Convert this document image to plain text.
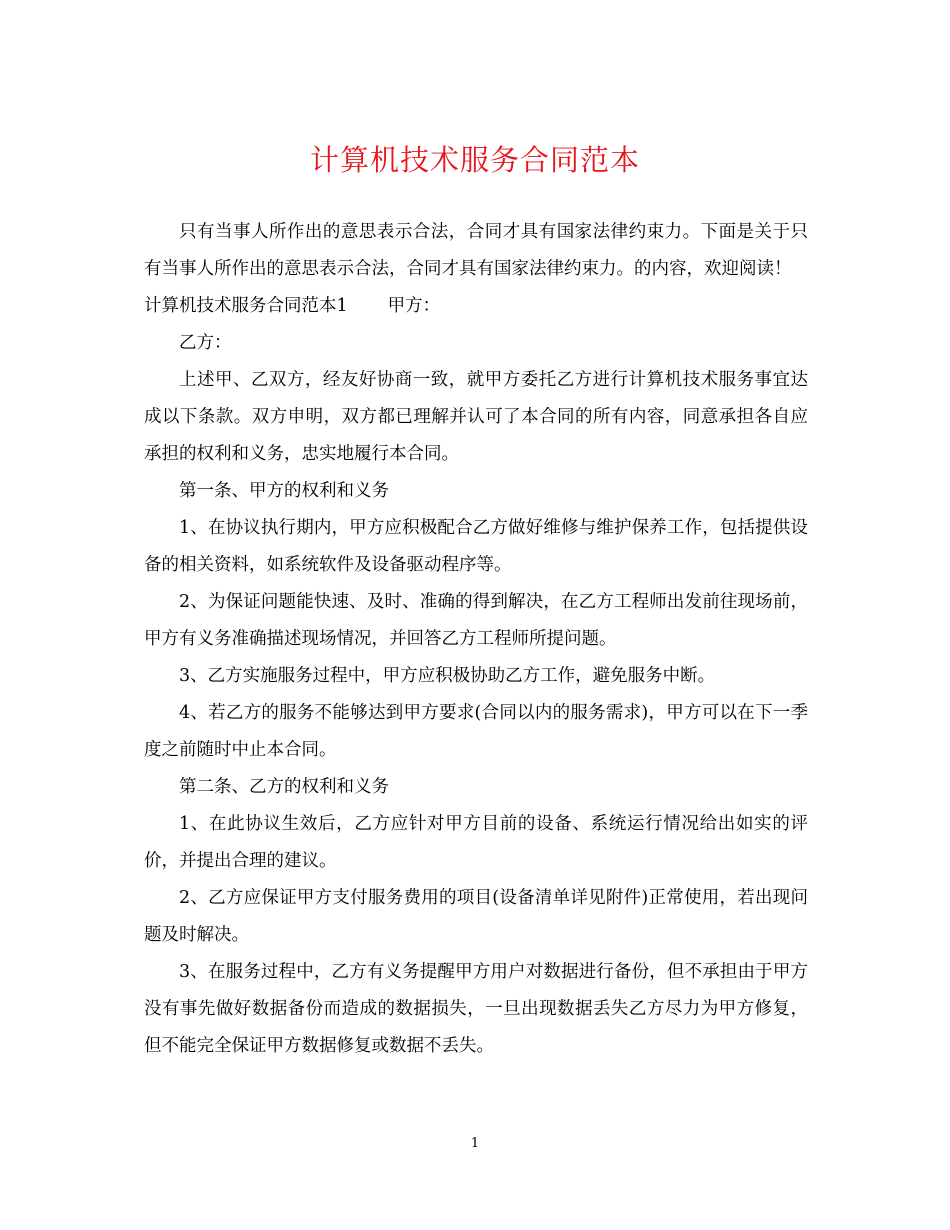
计算机技术服务合同范本

只有当事人所作出的意思表示合法，合同才具有国家法律约束力。下面是关于只有当事人所作出的意思表示合法，合同才具有国家法律约束力。的内容，欢迎阅读！

计算机技术服务合同范本1 甲方：

乙方：

上述甲、乙双方，经友好协商一致，就甲方委托乙方进行计算机技术服务事宜达成以下条款。双方申明，双方都已理解并认可了本合同的所有内容，同意承担各自应承担的权利和义务，忠实地履行本合同。

第一条、甲方的权利和义务

1、在协议执行期内，甲方应积极配合乙方做好维修与维护保养工作，包括提供设备的相关资料，如系统软件及设备驱动程序等。

2、为保证问题能快速、及时、准确的得到解决，在乙方工程师出发前往现场前，甲方有义务准确描述现场情况，并回答乙方工程师所提问题。

3、乙方实施服务过程中，甲方应积极协助乙方工作，避免服务中断。

4、若乙方的服务不能够达到甲方要求(合同以内的服务需求)，甲方可以在下一季度之前随时中止本合同。

第二条、乙方的权利和义务

1、在此协议生效后，乙方应针对甲方目前的设备、系统运行情况给出如实的评价，并提出合理的建议。

2、乙方应保证甲方支付服务费用的项目(设备清单详见附件)正常使用，若出现问题及时解决。

3、在服务过程中，乙方有义务提醒甲方用户对数据进行备份，但不承担由于甲方没有事先做好数据备份而造成的数据损失，一旦出现数据丢失乙方尽力为甲方修复，但不能完全保证甲方数据修复或数据不丢失。

1
